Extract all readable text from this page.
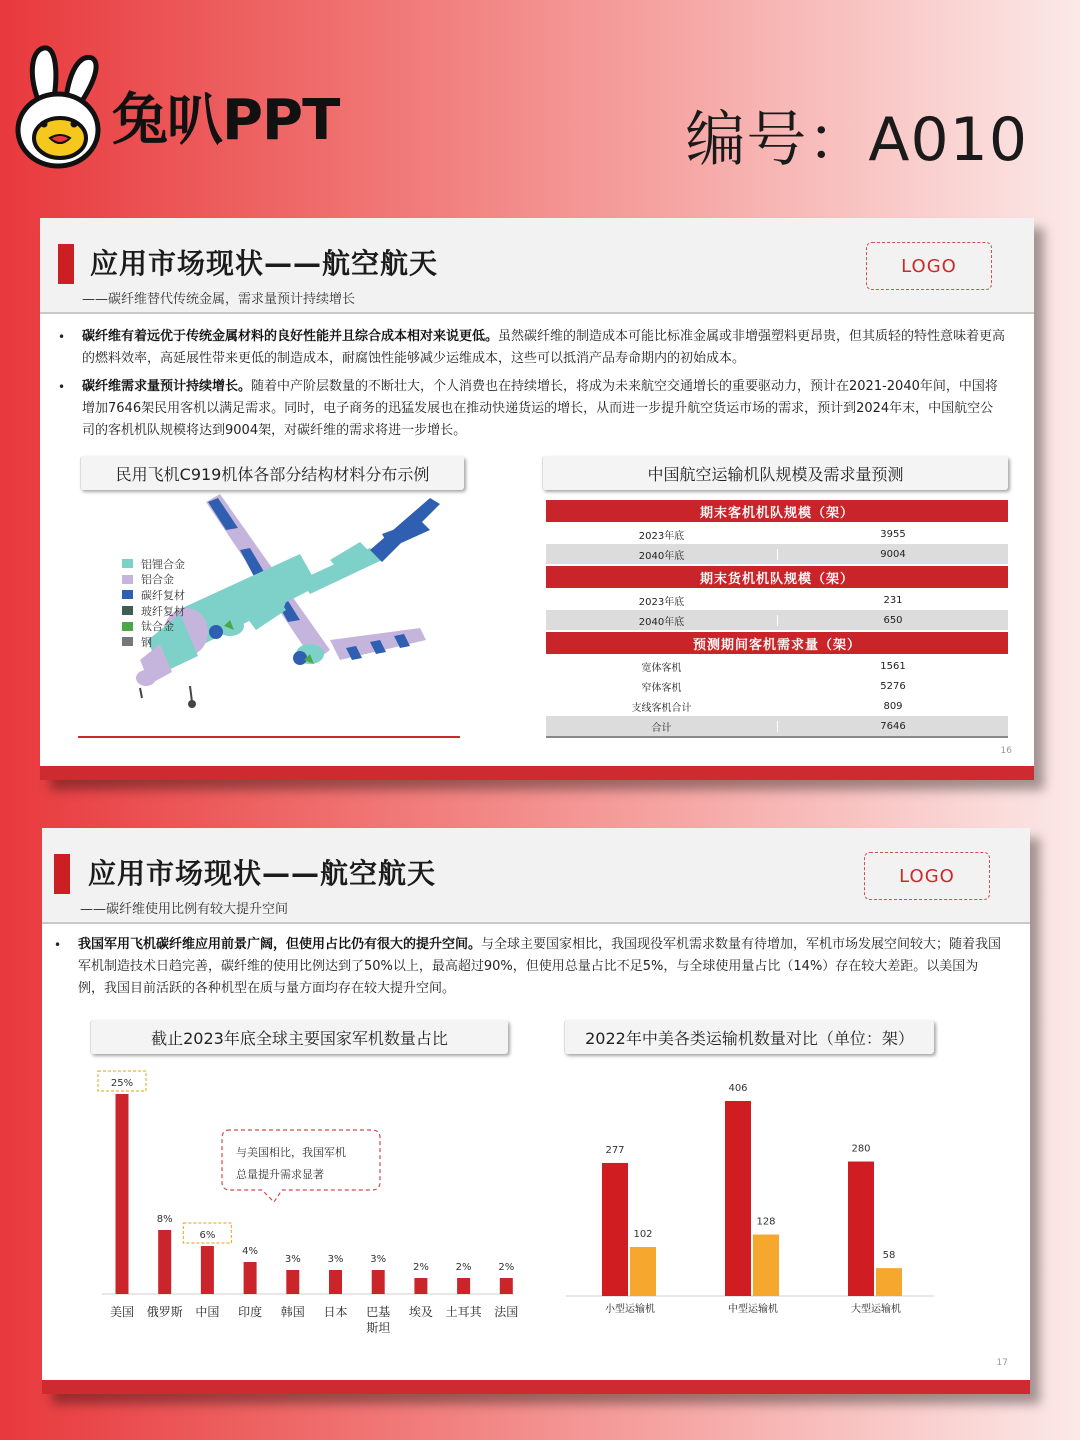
兔叭PPT	编号：A010
应用市场现状——航空航天
——碳纤维替代传统金属，需求量预计持续增长
LOGO
• 碳纤维有着远优于传统金属材料的良好性能并且综合成本相对来说更低。虽然碳纤维的制造成本可能比标准金属或非增强塑料更昂贵，但其质轻的特性意味着更高的燃料效率，高延展性带来更低的制造成本，耐腐蚀性能够减少运维成本，这些可以抵消产品寿命期内的初始成本。
• 碳纤维需求量预计持续增长。随着中产阶层数量的不断壮大，个人消费也在持续增长，将成为未来航空交通增长的重要驱动力，预计在2021-2040年间，中国将增加7646架民用客机以满足需求。同时，电子商务的迅猛发展也在推动快递货运的增长，从而进一步提升航空货运市场的需求，预计到2024年末，中国航空公司的客机机队规模将达到9004架，对碳纤维的需求将进一步增长。
民用飞机C919机体各部分结构材料分布示例	中国航空运输机队规模及需求量预测
铝锂合金
铝合金
碳纤复材
玻纤复材
钛合金
钢
期末客机机队规模（架）
2023年底	3955
2040年底	9004
期末货机机队规模（架）
2023年底	231
2040年底	650
预测期间客机需求量（架）
宽体客机	1561
窄体客机	5276
支线客机合计	809
合计	7646
16
应用市场现状——航空航天
——碳纤维使用比例有较大提升空间
LOGO
• 我国军用飞机碳纤维应用前景广阔，但使用占比仍有很大的提升空间。与全球主要国家相比，我国现役军机需求数量有待增加，军机市场发展空间较大；随着我国军机制造技术日趋完善，碳纤维的使用比例达到了50%以上，最高超过90%，但使用总量占比不足5%，与全球使用量占比（14%）存在较大差距。以美国为例，我国目前活跃的各种机型在质与量方面均存在较大提升空间。
截止2023年底全球主要国家军机数量占比	2022年中美各类运输机数量对比（单位：架）
25%
美国
8%
俄罗斯
6%
中国
4%
印度
3%
韩国
3%
日本
3%
巴基
斯坦
2%
埃及
2%
土耳其
2%
法国
与美国相比，我国军机
总量提升需求显著
277
102
小型运输机
406
128
中型运输机
280
58
大型运输机
17
